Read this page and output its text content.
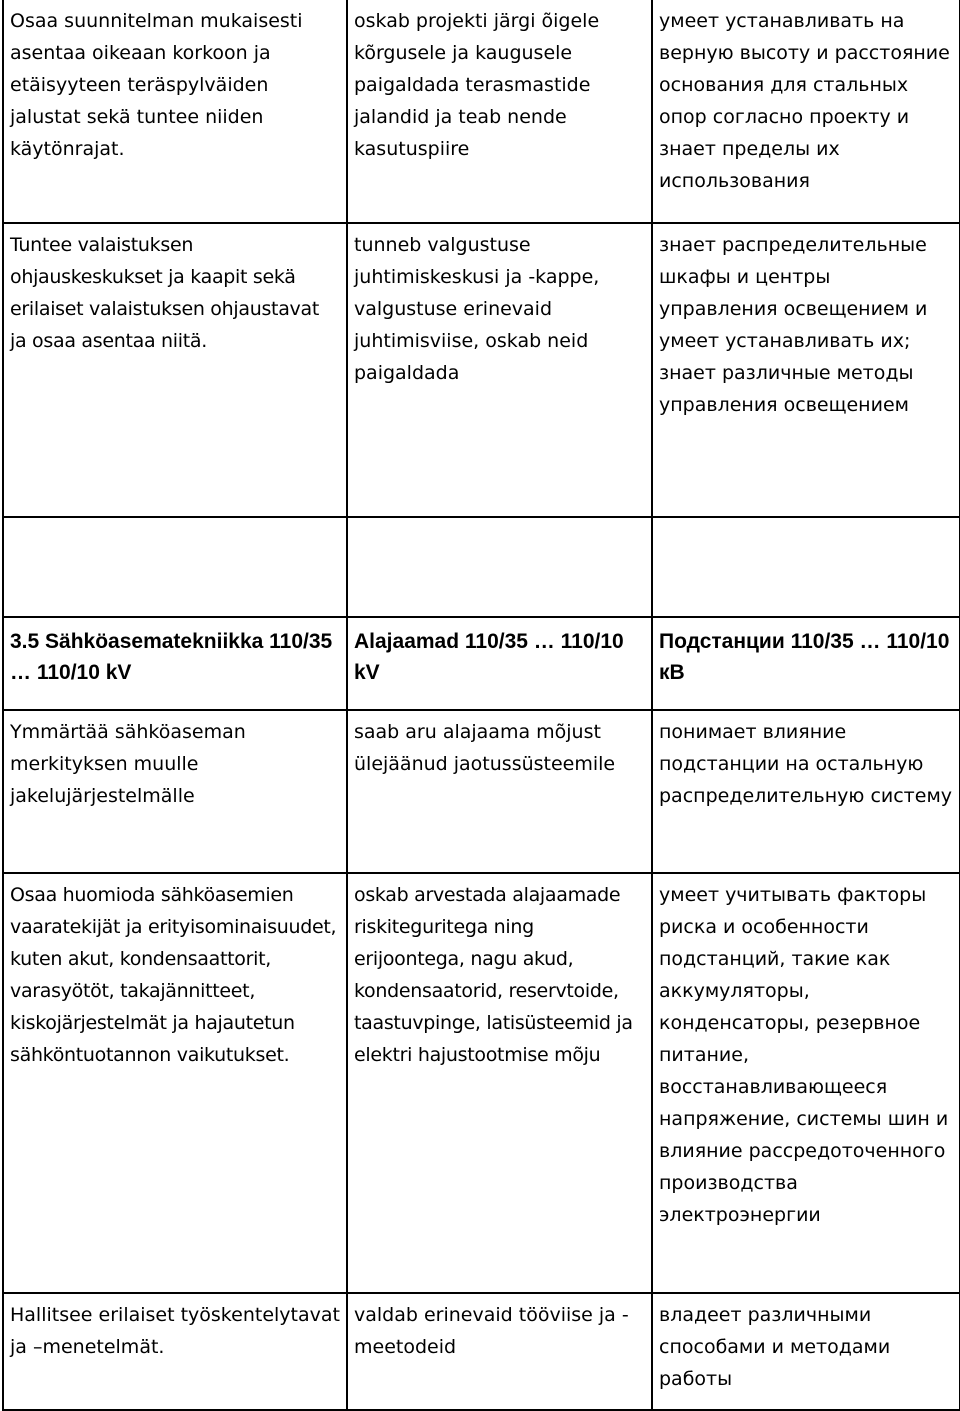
Osaa suunnitelman mukaisesti asentaa oikeaan korkoon ja etäisyyteen teräspylväiden jalustat sekä tuntee niiden käytönrajat.	oskab projekti järgi õigele kõrgusele ja kaugusele paigaldada terasmastide jalandid ja teab nende kasutuspiire	умеет устанавливать на верную высоту и расстояние основания для стальных опор согласно проекту и знает пределы их использования

Tuntee valaistuksen ohjauskeskukset ja kaapit sekä erilaiset valaistuksen ohjaustavat ja osaa asentaa niitä.	tunneb valgustuse juhtimiskeskusi ja -kappe, valgustuse erinevaid juhtimisviise, oskab neid paigaldada	знает распределительные шкафы и центры управления освещением и умеет устанавливать их; знает различные методы управления освещением

3.5 Sähköasematekniikka 110/35 … 110/10 kV	Alajaamad 110/35 … 110/10 kV	Подстанции 110/35 … 110/10 кВ

Ymmärtää sähköaseman merkityksen muulle jakelujärjestelmälle	saab aru alajaama mõjust ülejäänud jaotussüsteemile	понимает влияние подстанции на остальную распределительную систему

Osaa huomioda sähköasemien vaaratekijät ja erityisominaisuudet, kuten akut, kondensaattorit, varasyötöt, takajännitteet, kiskojärjestelmät ja hajautetun sähköntuotannon vaikutukset.	oskab arvestada alajaamade riskiteguritega ning erijoontega, nagu akud, kondensaatorid, reservtoide, taastuvpinge, latisüsteemid ja elektri hajustootmise mõju	умеет учитывать факторы риска и особенности подстанций, такие как аккумуляторы, конденсаторы, резервное питание, восстанавливающееся напряжение, системы шин и влияние рассредоточенного производства электроэнергии

Hallitsee erilaiset työskentelytavat ja –menetelmät.	valdab erinevaid tööviise ja -meetodeid	владеет различными способами и методами работы
